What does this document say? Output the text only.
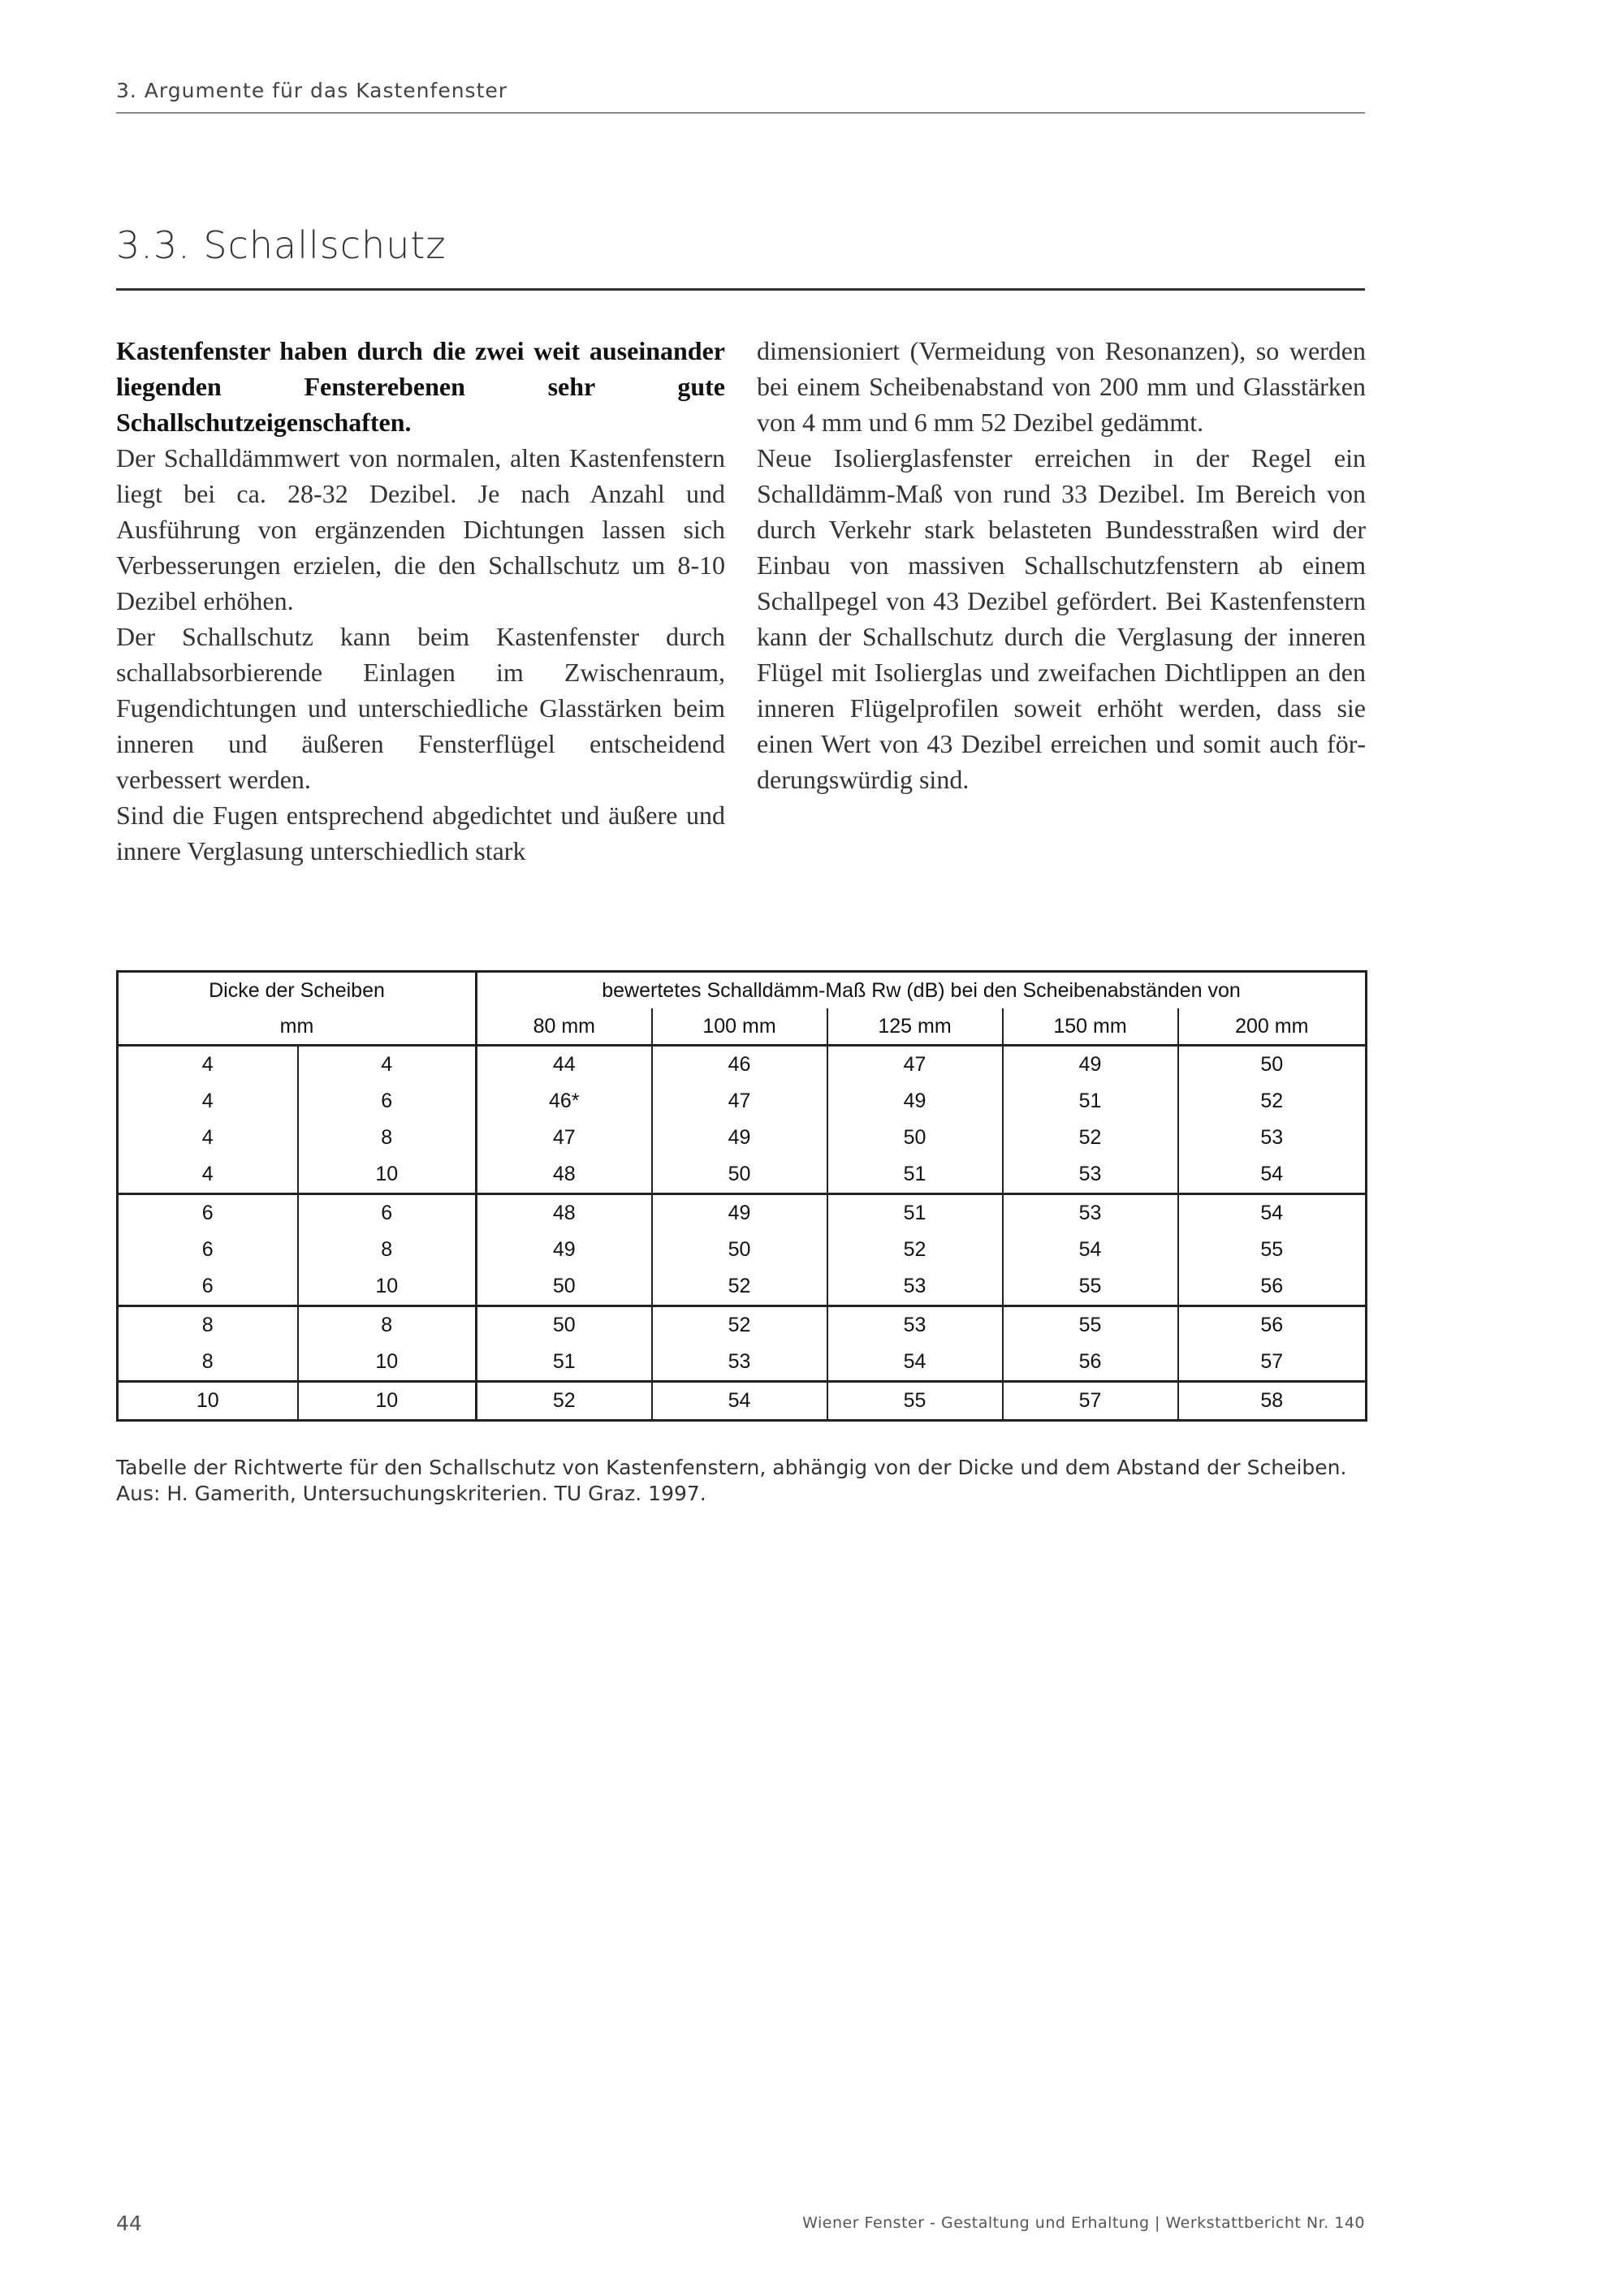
3. Argumente für das Kastenfenster
3.3. Schallschutz

Kastenfenster haben durch die zwei weit auseinander liegenden Fensterebenen sehr gute Schallschutzeigenschaften.

Der Schalldämmwert von normalen, alten Kastenfenstern liegt bei ca. 28-32 Dezibel. Je nach Anzahl und Ausführung von ergänzenden Dichtungen lassen sich Verbesserungen erzielen, die den Schallschutz um 8-10 Dezibel erhöhen.

Der Schallschutz kann beim Kastenfenster durch schallabsorbierende Einlagen im Zwischenraum, Fugendichtungen und unterschiedliche Glasstärken beim inneren und äußeren Fensterflügel entscheidend verbessert werden.

Sind die Fugen entsprechend abgedichtet und äußere und innere Verglasung unterschiedlich stark

dimensioniert (Vermeidung von Resonanzen), so werden bei einem Scheibenabstand von 200 mm und Glasstärken von 4 mm und 6 mm 52 Dezibel gedämmt.

Neue Isolierglasfenster erreichen in der Regel ein Schalldämm-Maß von rund 33 Dezibel. Im Bereich von durch Verkehr stark belasteten Bundesstraßen wird der Einbau von massiven Schallschutzfenstern ab einem Schallpegel von 43 Dezibel gefördert. Bei Kastenfenstern kann der Schallschutz durch die Verglasung der inneren Flügel mit Isolierglas und zweifachen Dichtlippen an den inneren Flügelprofilen soweit erhöht werden, dass sie einen Wert von 43 Dezibel erreichen und somit auch förderungswürdig sind.

Dicke der Scheiben		bewertetes Schalldämm-Maß Rw (dB) bei den Scheibenabständen von				
mm		80 mm	100 mm	125 mm	150 mm	200 mm
4	4	44	46	47	49	50
4	6	46*	47	49	51	52
4	8	47	49	50	52	53
4	10	48	50	51	53	54
6	6	48	49	51	53	54
6	8	49	50	52	54	55
6	10	50	52	53	55	56
8	8	50	52	53	55	56
8	10	51	53	54	56	57
10	10	52	54	55	57	58
Tabelle der Richtwerte für den Schallschutz von Kastenfenstern, abhängig von der Dicke und dem Abstand der Scheiben.
Aus: H. Gamerith, Untersuchungskriterien. TU Graz. 1997.
44	Wiener Fenster - Gestaltung und Erhaltung | Werkstattbericht Nr. 140
